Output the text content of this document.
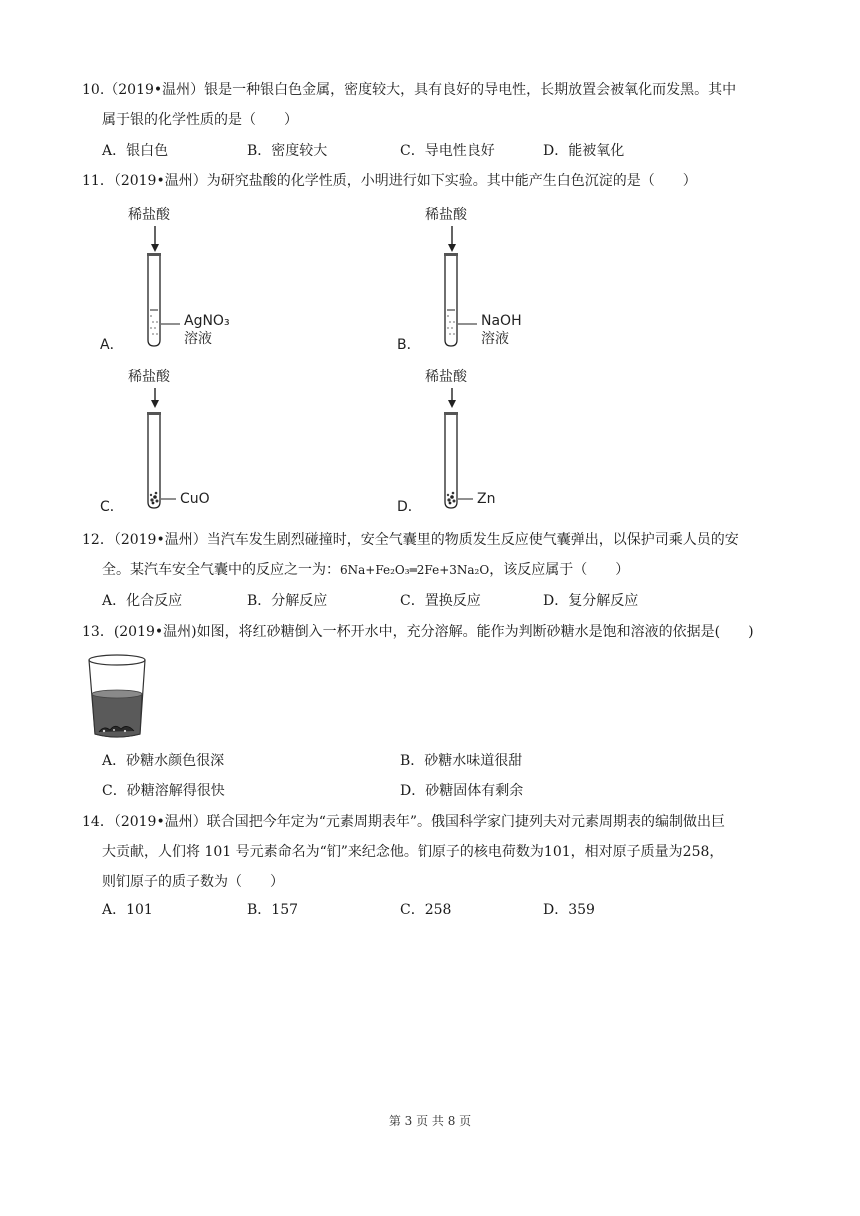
10.（2019•温州）银是一种银白色金属，密度较大，具有良好的导电性，长期放置会被氧化而发黑。其中
属于银的化学性质的是（　　）
A．银白色	B．密度较大	C．导电性良好	D．能被氧化
11．（2019•温州）为研究盐酸的化学性质，小明进行如下实验。其中能产生白色沉淀的是（　　）
稀盐酸
AgNO₃
溶液
A．
稀盐酸
NaOH
溶液
B．
稀盐酸
CuO
C．
稀盐酸
Zn
D．
12．（2019•温州）当汽车发生剧烈碰撞时，安全气囊里的物质发生反应使气囊弹出，以保护司乘人员的安
全。某汽车安全气囊中的反应之一为：6Na+Fe₂O₃═2Fe+3Na₂O，该反应属于（　　）
A．化合反应	B．分解反应	C．置换反应	D．复分解反应
13．(2019•温州)如图，将红砂糖倒入一杯开水中，充分溶解。能作为判断砂糖水是饱和溶液的依据是(　　)
A．砂糖水颜色很深	B．砂糖水味道很甜
C．砂糖溶解得很快	D．砂糖固体有剩余
14．（2019•温州）联合国把今年定为“元素周期表年”。俄国科学家门捷列夫对元素周期表的编制做出巨
大贡献，人们将 101 号元素命名为“钔”来纪念他。钔原子的核电荷数为101，相对原子质量为258，
则钔原子的质子数为（　　）
A．101	B．157	C．258	D．359
第 3 页 共 8 页
